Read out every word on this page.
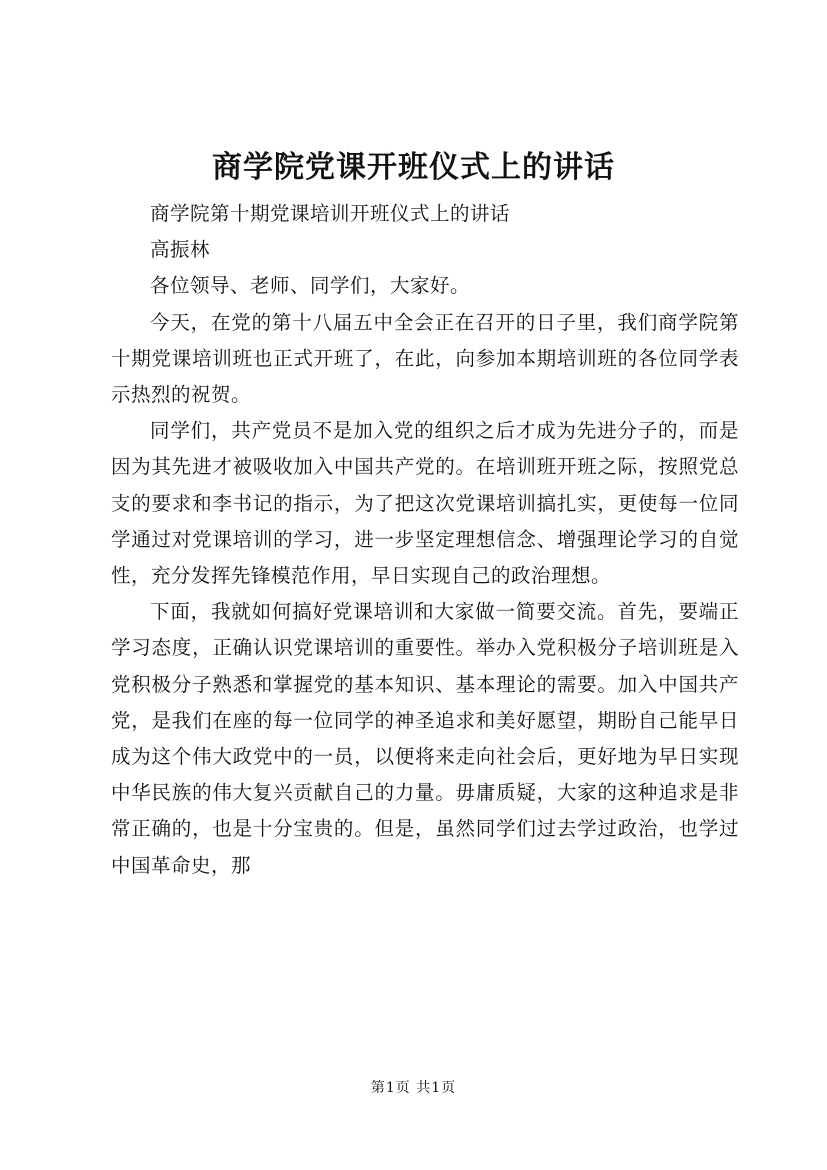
商学院党课开班仪式上的讲话

商学院第十期党课培训开班仪式上的讲话

高振林

各位领导、老师、同学们，大家好。

今天，在党的第十八届五中全会正在召开的日子里，我们商学院第十期党课培训班也正式开班了，在此，向参加本期培训班的各位同学表示热烈的祝贺。

同学们，共产党员不是加入党的组织之后才成为先进分子的，而是因为其先进才被吸收加入中国共产党的。在培训班开班之际，按照党总支的要求和李书记的指示，为了把这次党课培训搞扎实，更使每一位同学通过对党课培训的学习，进一步坚定理想信念、增强理论学习的自觉性，充分发挥先锋模范作用，早日实现自己的政治理想。

下面，我就如何搞好党课培训和大家做一简要交流。首先，要端正学习态度，正确认识党课培训的重要性。举办入党积极分子培训班是入党积极分子熟悉和掌握党的基本知识、基本理论的需要。加入中国共产党，是我们在座的每一位同学的神圣追求和美好愿望，期盼自己能早日成为这个伟大政党中的一员，以便将来走向社会后，更好地为早日实现中华民族的伟大复兴贡献自己的力量。毋庸质疑，大家的这种追求是非常正确的，也是十分宝贵的。但是，虽然同学们过去学过政治，也学过中国革命史，那

第1页 共1页
